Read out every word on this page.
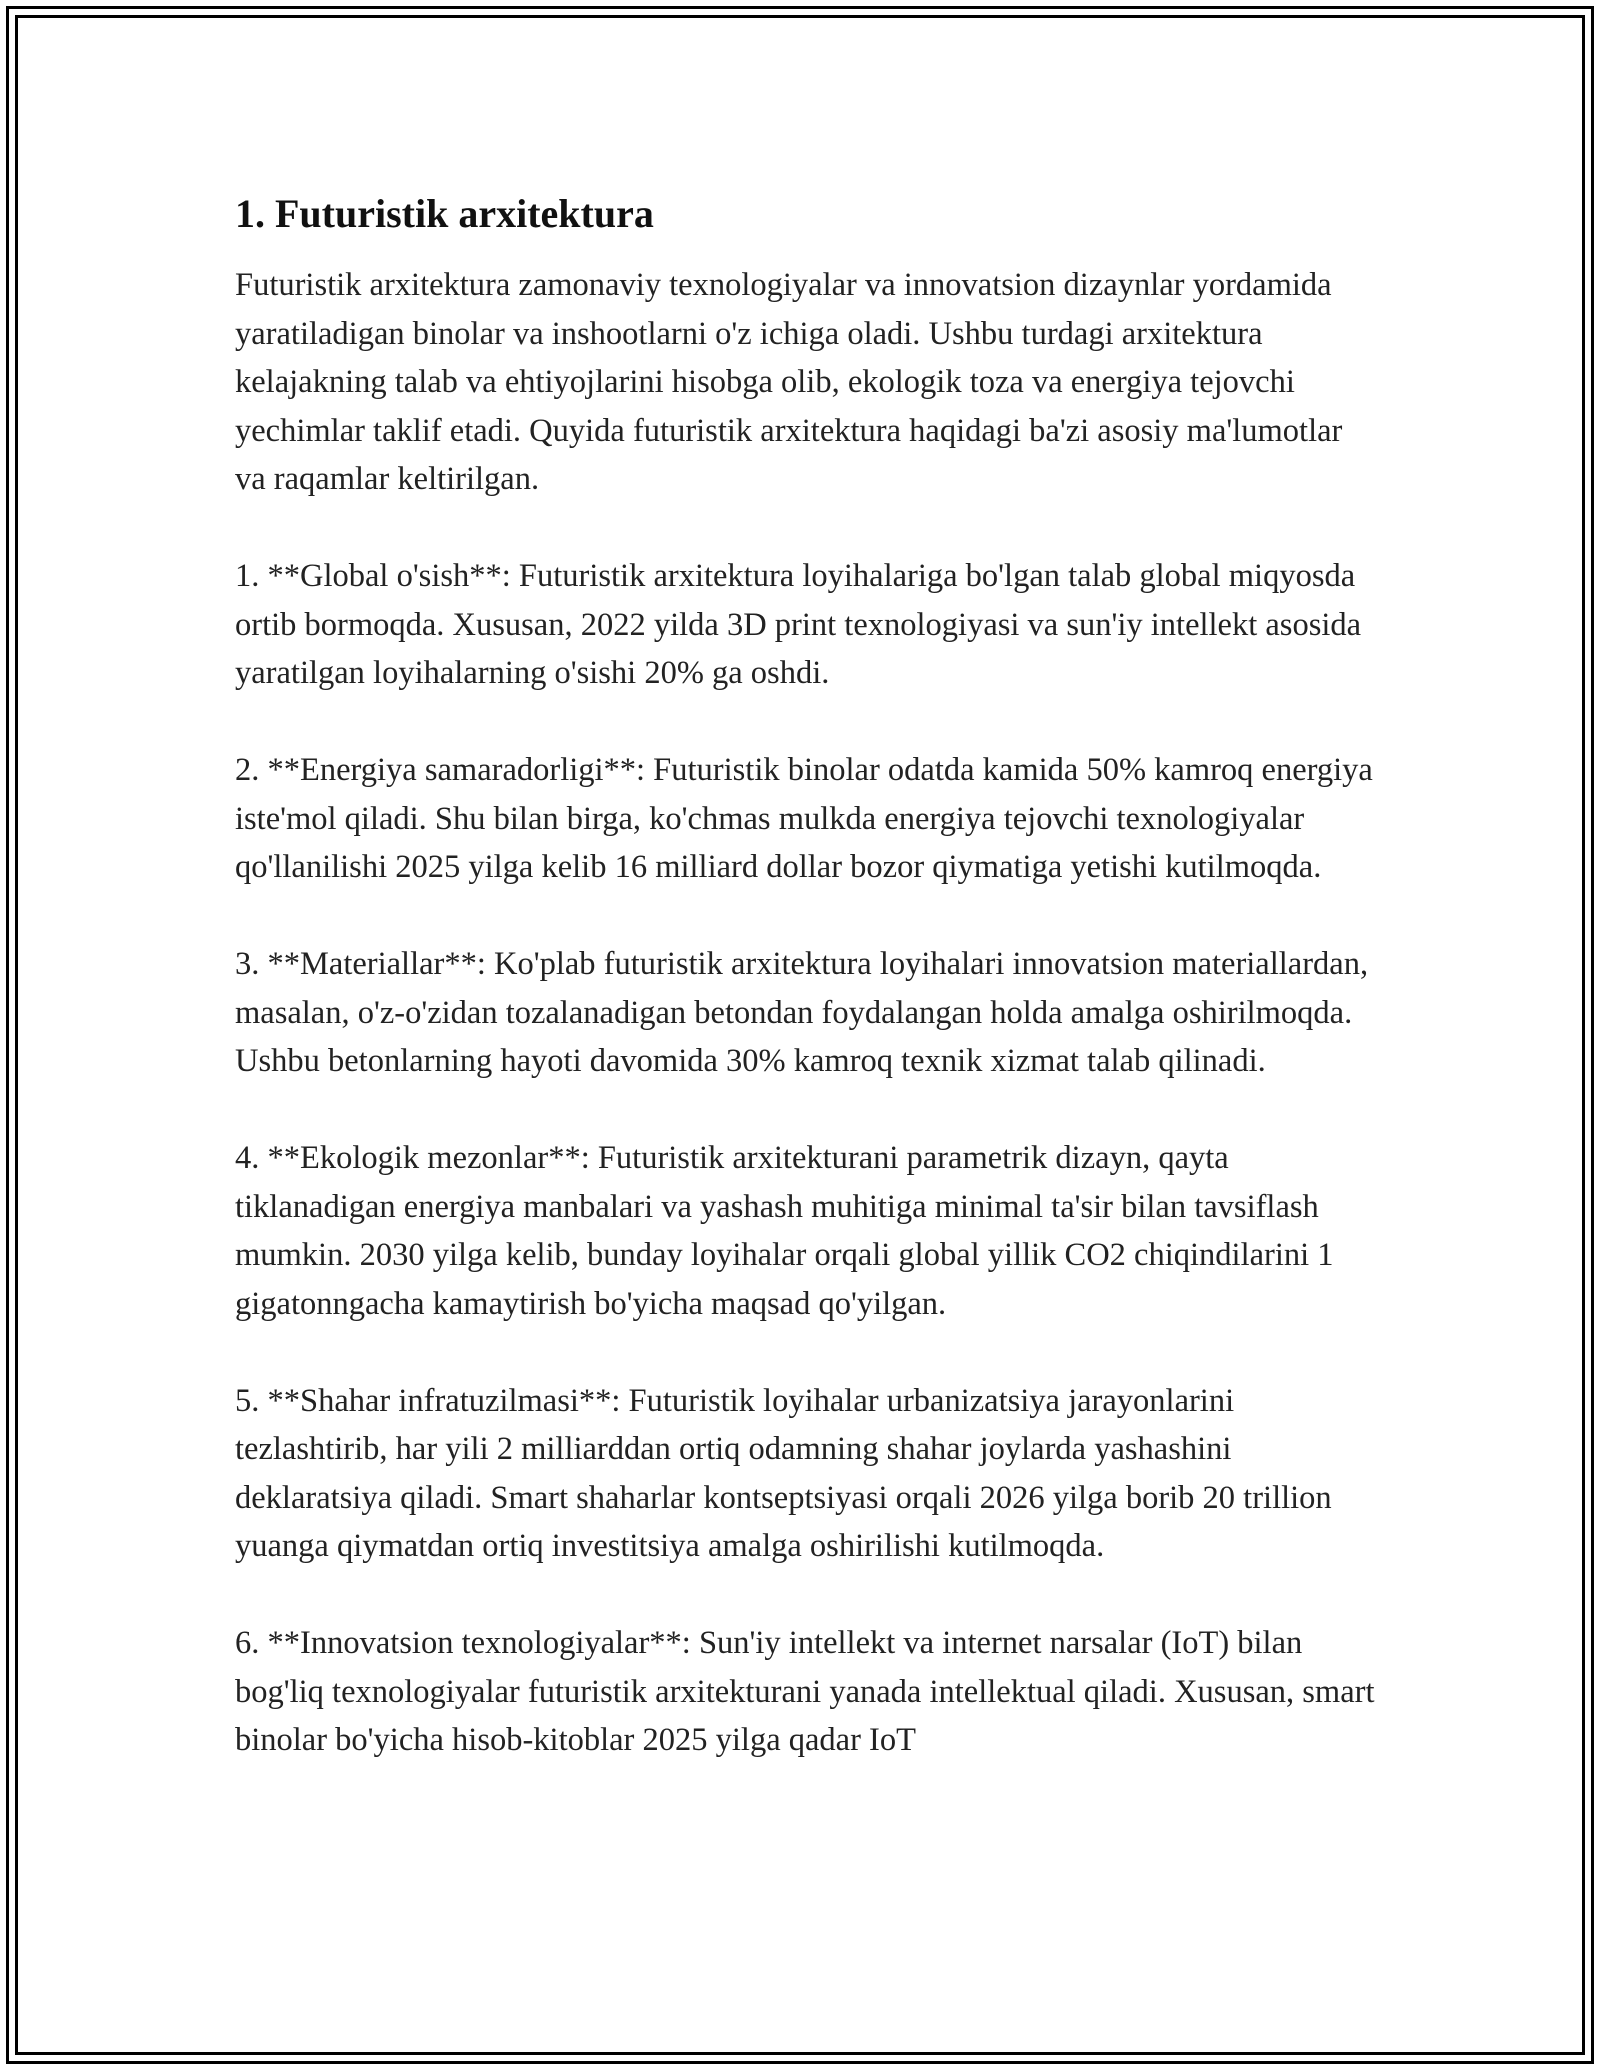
1. Futuristik arxitektura

Futuristik arxitektura zamonaviy texnologiyalar va innovatsion dizaynlar yordamida yaratiladigan binolar va inshootlarni o'z ichiga oladi. Ushbu turdagi arxitektura kelajakning talab va ehtiyojlarini hisobga olib, ekologik toza va energiya tejovchi yechimlar taklif etadi. Quyida futuristik arxitektura haqidagi ba'zi asosiy ma'lumotlar va raqamlar keltirilgan.

1. **Global o'sish**: Futuristik arxitektura loyihalariga bo'lgan talab global miqyosda ortib bormoqda. Xususan, 2022 yilda 3D print texnologiyasi va sun'iy intellekt asosida yaratilgan loyihalarning o'sishi 20% ga oshdi.

2. **Energiya samaradorligi**: Futuristik binolar odatda kamida 50% kamroq energiya iste'mol qiladi. Shu bilan birga, ko'chmas mulkda energiya tejovchi texnologiyalar qo'llanilishi 2025 yilga kelib 16 milliard dollar bozor qiymatiga yetishi kutilmoqda.

3. **Materiallar**: Ko'plab futuristik arxitektura loyihalari innovatsion materiallardan, masalan, o'z-o'zidan tozalanadigan betondan foydalangan holda amalga oshirilmoqda. Ushbu betonlarning hayoti davomida 30% kamroq texnik xizmat talab qilinadi.

4. **Ekologik mezonlar**: Futuristik arxitekturani parametrik dizayn, qayta tiklanadigan energiya manbalari va yashash muhitiga minimal ta'sir bilan tavsiflash mumkin. 2030 yilga kelib, bunday loyihalar orqali global yillik CO2 chiqindilarini 1 gigatonngacha kamaytirish bo'yicha maqsad qo'yilgan.

5. **Shahar infratuzilmasi**: Futuristik loyihalar urbanizatsiya jarayonlarini tezlashtirib, har yili 2 milliarddan ortiq odamning shahar joylarda yashashini deklaratsiya qiladi. Smart shaharlar kontseptsiyasi orqali 2026 yilga borib 20 trillion yuanga qiymatdan ortiq investitsiya amalga oshirilishi kutilmoqda.

6. **Innovatsion texnologiyalar**: Sun'iy intellekt va internet narsalar (IoT) bilan bog'liq texnologiyalar futuristik arxitekturani yanada intellektual qiladi. Xususan, smart binolar bo'yicha hisob-kitoblar 2025 yilga qadar IoT
